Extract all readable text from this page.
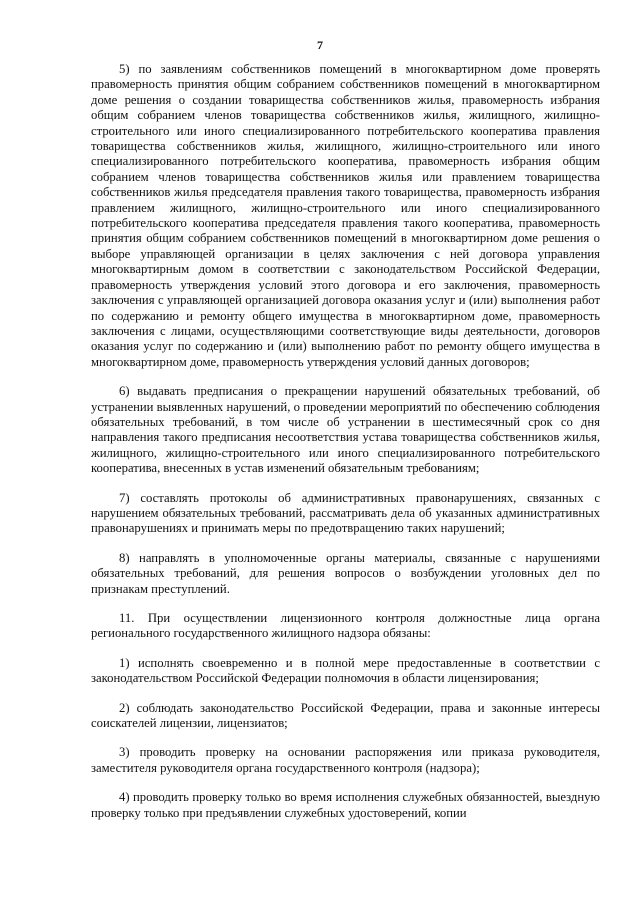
7

5) по заявлениям собственников помещений в многоквартирном доме проверять правомерность принятия общим собранием собственников помещений в многоквартирном доме решения о создании товарищества собственников жилья, правомерность избрания общим собранием членов товарищества собственников жилья, жилищного, жилищно-строительного или иного специализированного потребительского кооператива правления товарищества собственников жилья, жилищного, жилищно-строительного или иного специализированного потребительского кооператива, правомерность избрания общим собранием членов товарищества собственников жилья или правлением товарищества собственников жилья председателя правления такого товарищества, правомерность избрания правлением жилищного, жилищно-строительного или иного специализированного потребительского кооператива председателя правления такого кооператива, правомерность принятия общим собранием собственников помещений в многоквартирном доме решения о выборе управляющей организации в целях заключения с ней договора управления многоквартирным домом в соответствии с законодательством Российской Федерации, правомерность утверждения условий этого договора и его заключения, правомерность заключения с управляющей организацией договора оказания услуг и (или) выполнения работ по содержанию и ремонту общего имущества в многоквартирном доме, правомерность заключения с лицами, осуществляющими соответствующие виды деятельности, договоров оказания услуг по содержанию и (или) выполнению работ по ремонту общего имущества в многоквартирном доме, правомерность утверждения условий данных договоров;

6) выдавать предписания о прекращении нарушений обязательных требований, об устранении выявленных нарушений, о проведении мероприятий по обеспечению соблюдения обязательных требований, в том числе об устранении в шестимесячный срок со дня направления такого предписания несоответствия устава товарищества собственников жилья, жилищного, жилищно-строительного или иного специализированного потребительского кооператива, внесенных в устав изменений обязательным требованиям;

7) составлять протоколы об административных правонарушениях, связанных с нарушением обязательных требований, рассматривать дела об указанных административных правонарушениях и принимать меры по предотвращению таких нарушений;

8) направлять в уполномоченные органы материалы, связанные с нарушениями обязательных требований, для решения вопросов о возбуждении уголовных дел по признакам преступлений.

11. При осуществлении лицензионного контроля должностные лица органа регионального государственного жилищного надзора обязаны:

1) исполнять своевременно и в полной мере предоставленные в соответствии с законодательством Российской Федерации полномочия в области лицензирования;

2) соблюдать законодательство Российской Федерации, права и законные интересы соискателей лицензии, лицензиатов;

3) проводить проверку на основании распоряжения или приказа руководителя, заместителя руководителя органа государственного контроля (надзора);

4) проводить проверку только во время исполнения служебных обязанностей, выездную проверку только при предъявлении служебных удостоверений, копии
